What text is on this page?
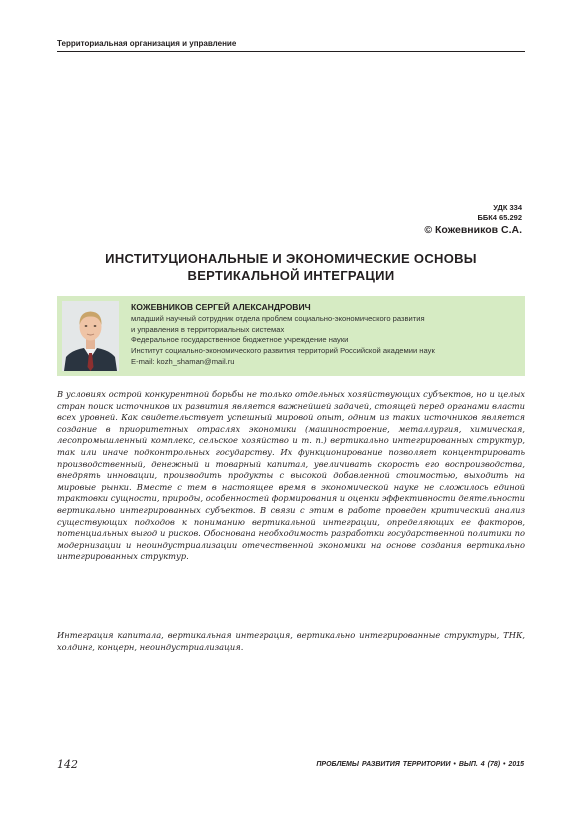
Территориальная организация и управление
УДК 334
ББК4 65.292
© Кожевников С.А.
ИНСТИТУЦИОНАЛЬНЫЕ И ЭКОНОМИЧЕСКИЕ ОСНОВЫ ВЕРТИКАЛЬНОЙ ИНТЕГРАЦИИ
КОЖЕВНИКОВ СЕРГЕЙ АЛЕКСАНДРОВИЧ
младший научный сотрудник отдела проблем социально-экономического развития
и управления в территориальных системах
Федеральное государственное бюджетное учреждение науки
Институт социально-экономического развития территорий Российской академии наук
E-mail: kozh_shaman@mail.ru

В условиях острой конкурентной борьбы не только отдельных хозяйствующих субъектов, но и целых стран поиск источников их развития является важнейшей задачей, стоящей перед органами власти всех уровней. Как свидетельствует успешный мировой опыт, одним из таких источников является создание в приоритетных отраслях экономики (машиностроение, металлургия, химическая, лесопромышленный комплекс, сельское хозяйство и т. п.) вертикально интегрированных структур, так или иначе подконтрольных государству. Их функционирование позволяет концентрировать производственный, денежный и товарный капитал, увеличивать скорость его воспроизводства, внедрять инновации, производить продукты с высокой добавленной стоимостью, выходить на мировые рынки. Вместе с тем в настоящее время в экономической науке не сложилось единой трактовки сущности, природы, особенностей формирования и оценки эффективности деятельности вертикально интегрированных субъектов. В связи с этим в работе проведен критический анализ существующих подходов к пониманию вертикальной интеграции, определяющих ее факторов, потенциальных выгод и рисков. Обоснована необходимость разработки государственной политики по модернизации и неоиндустриализации отечественной экономики на основе создания вертикально интегрированных структур.

Интеграция капитала, вертикальная интеграция, вертикально интегрированные структуры, ТНК, холдинг, концерн, неоиндустриализация.

142	ПРОБЛЕМЫ РАЗВИТИЯ ТЕРРИТОРИИ • ВЫП. 4 (78) • 2015
